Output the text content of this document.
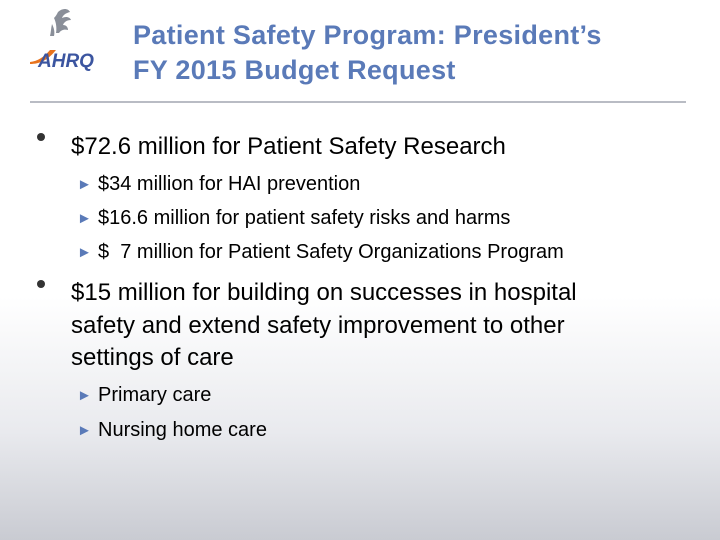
AHRQ
Patient Safety Program: President’s
FY 2015 Budget Request
$72.6 million for Patient Safety Research
► $34 million for HAI prevention
► $16.6 million for patient safety risks and harms
► $  7 million for Patient Safety Organizations Program
$15 million for building on successes in hospital
safety and extend safety improvement to other
settings of care
► Primary care
► Nursing home care
